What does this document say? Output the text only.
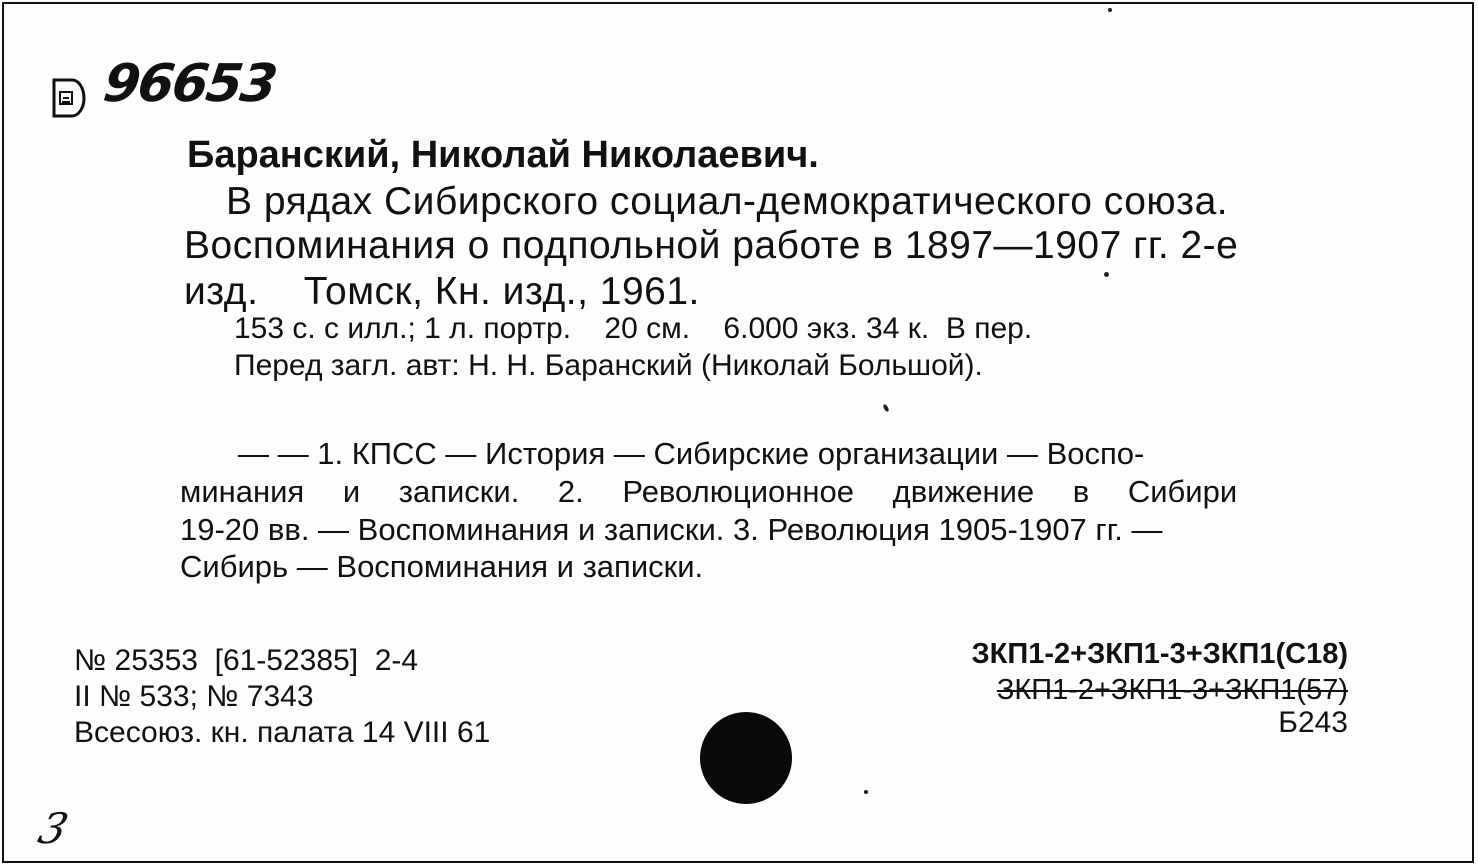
96653
Баранский, Николай Николаевич.
В рядах Сибирского социал-демократического союза.
Воспоминания о подпольной работе в 1897—1907 гг. 2-е
изд.    Томск, Кн. изд., 1961.
153 с. с илл.; 1 л. портр.    20 см.    6.000 экз. 34 к.  В пер.
Перед загл. авт: Н. Н. Баранский (Николай Большой).
— — 1. КПСС — История — Сибирские организации — Воспо-
минания и записки. 2. Революционное движение в Сибири
19-20 вв. — Воспоминания и записки. 3. Революция 1905-1907 гг. —
Сибирь — Воспоминания и записки.
№ 25353  [61-52385]  2-4
II № 533; № 7343
Всесоюз. кн. палата 14 VIII 61
ЗКП1-2+ЗКП1-3+ЗКП1(С18)
ЗКП1-2+ЗКП1-3+ЗКП1(57)
Б243
3
